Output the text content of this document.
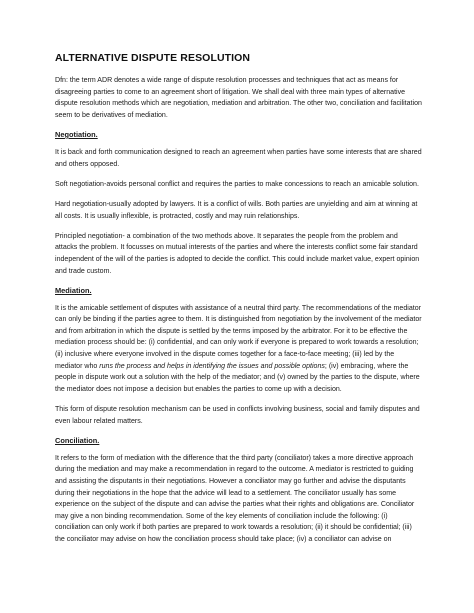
ALTERNATIVE DISPUTE RESOLUTION

Dfn: the term ADR denotes a wide range of dispute resolution processes and techniques that act as means for disagreeing parties to come to an agreement short of litigation. We shall deal with three main types of alternative dispute resolution methods which are negotiation, mediation and arbitration. The other two, conciliation and facilitation seem to be derivatives of mediation.

Negotiation.

It is back and forth communication designed to reach an agreement when parties have some interests that are shared and others opposed.

Soft negotiation-avoids personal conflict and requires the parties to make concessions to reach an amicable solution.

Hard negotiation-usually adopted by lawyers. It is a conflict of wills. Both parties are unyielding and aim at winning at all costs. It is usually inflexible, is protracted, costly and may ruin relationships.

Principled negotiation- a combination of the two methods above. It separates the people from the problem and attacks the problem. It focusses on mutual interests of the parties and where the interests conflict some fair standard independent of the will of the parties is adopted to decide the conflict. This could include market value, expert opinion and trade custom.

Mediation.

It is the amicable settlement of disputes with assistance of a neutral third party. The recommendations of the mediator can only be binding if the parties agree to them. It is distinguished from negotiation by the involvement of the mediator and from arbitration in which the dispute is settled by the terms imposed by the arbitrator. For it to be effective the mediation process should be: (i) confidential, and can only work if everyone is prepared to work towards a resolution; (ii) inclusive where everyone involved in the dispute comes together for a face-to-face meeting; (iii) led by the mediator who runs the process and helps in identifying the issues and possible options; (iv) embracing, where the people in dispute work out a solution with the help of the mediator; and (v) owned by the parties to the dispute, where the mediator does not impose a decision but enables the parties to come up with a decision.

This form of dispute resolution mechanism can be used in conflicts involving business, social and family disputes and even labour related matters.

Conciliation.

It refers to the form of mediation with the difference that the third party (conciliator) takes a more directive approach during the mediation and may make a recommendation in regard to the outcome. A mediator is restricted to guiding and assisting the disputants in their negotiations. However a conciliator may go further and advise the disputants during their negotiations in the hope that the advice will lead to a settlement. The conciliator usually has some experience on the subject of the dispute and can advise the parties what their rights and obligations are. Conciliator may give a non binding recommendation. Some of the key elements of conciliation include the following: (i) conciliation can only work if both parties are prepared to work towards a resolution; (ii) it should be confidential; (iii) the conciliator may advise on how the conciliation process should take place; (iv) a conciliator can advise on
